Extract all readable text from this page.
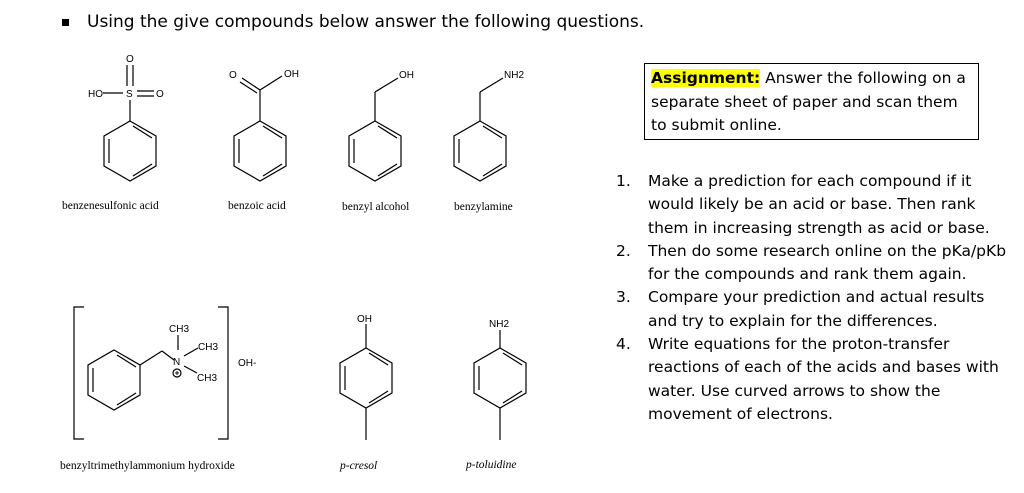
Using the give compounds below answer the following questions.
HO S
O
O
benzenesulfonic acid
O	OH
benzoic acid
OH
benzyl alcohol
NH2
benzylamine
CH3
CH3
N
CH3
OH-
benzyltrimethylammonium hydroxide
OH
p-cresol
NH2
p-toluidine
Assignment: Answer the following on a separate sheet of paper and scan them to submit online.
1. Make a prediction for each compound if it would likely be an acid or base. Then rank them in increasing strength as acid or base.
2. Then do some research online on the pKa/pKb for the compounds and rank them again.
3. Compare your prediction and actual results and try to explain for the differences.
4. Write equations for the proton-transfer reactions of each of the acids and bases with water. Use curved arrows to show the movement of electrons.
